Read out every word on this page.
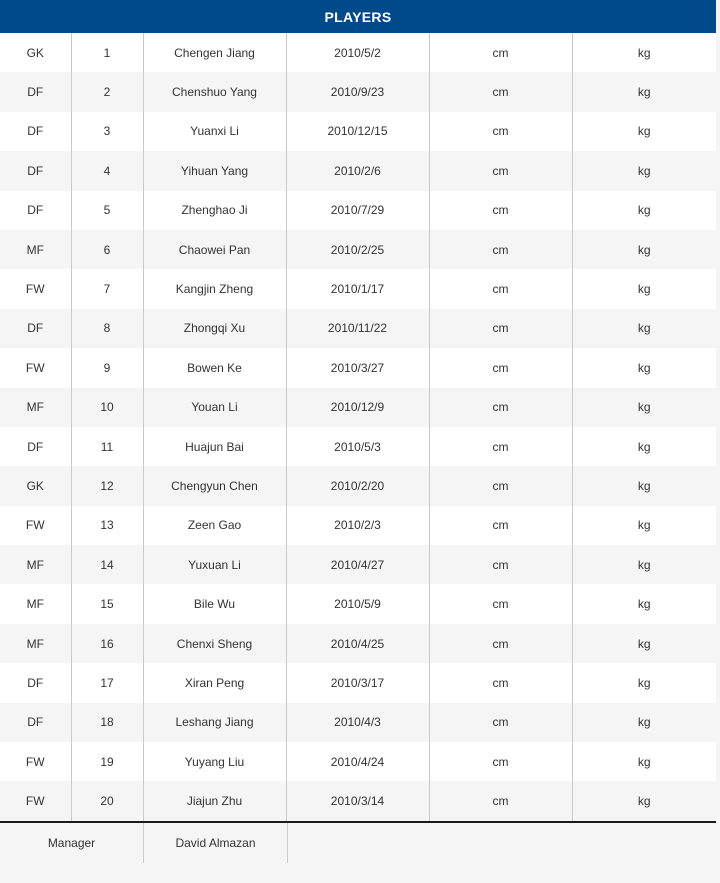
PLAYERS
GK	1	Chengen Jiang	2010/5/2	cm	kg
DF	2	Chenshuo Yang	2010/9/23	cm	kg
DF	3	Yuanxi Li	2010/12/15	cm	kg
DF	4	Yihuan Yang	2010/2/6	cm	kg
DF	5	Zhenghao Ji	2010/7/29	cm	kg
MF	6	Chaowei Pan	2010/2/25	cm	kg
FW	7	Kangjin Zheng	2010/1/17	cm	kg
DF	8	Zhongqi Xu	2010/11/22	cm	kg
FW	9	Bowen Ke	2010/3/27	cm	kg
MF	10	Youan Li	2010/12/9	cm	kg
DF	11	Huajun Bai	2010/5/3	cm	kg
GK	12	Chengyun Chen	2010/2/20	cm	kg
FW	13	Zeen Gao	2010/2/3	cm	kg
MF	14	Yuxuan Li	2010/4/27	cm	kg
MF	15	Bile Wu	2010/5/9	cm	kg
MF	16	Chenxi Sheng	2010/4/25	cm	kg
DF	17	Xiran Peng	2010/3/17	cm	kg
DF	18	Leshang Jiang	2010/4/3	cm	kg
FW	19	Yuyang Liu	2010/4/24	cm	kg
FW	20	Jiajun Zhu	2010/3/14	cm	kg
Manager	David Almazan
